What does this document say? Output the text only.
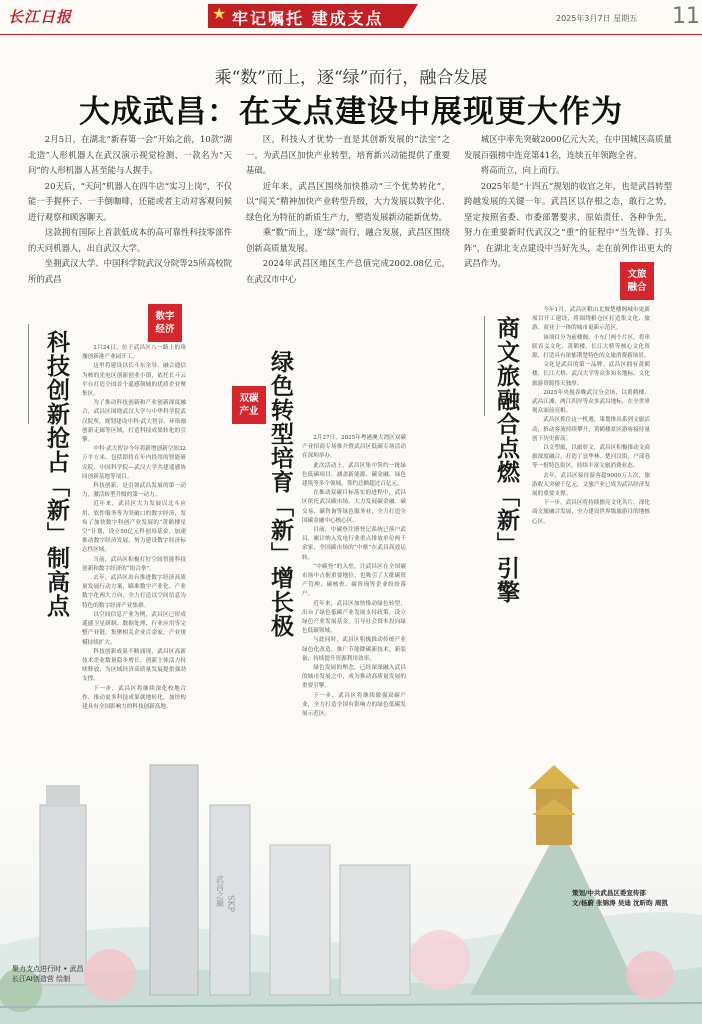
长江日报	★ 牢记嘱托 建成支点	2025年3月7日 星期五 11
乘“数”而上，逐“绿”而行，融合发展
大成武昌：在支点建设中展现更大作为

2月5日，在湖北“新春第一会”开始之前，10款“湖北造”人形机器人在武汉演示视觉检测、一款名为“天问”的人形机器人甚至能与人握手。

20天后，“天问”机器人在四牛店“实习上岗”，不仅能一手握杯子、一手倒咖啡，还能或者主动对客观问候进行观察和顾客聊天。

这款拥有国际上首款低成本的高可靠性科技零部件的天问机器人，出自武汉大学。

坐拥武汉大学、中国科学院武汉分院等25所高校院所的武昌

区，科技人才优势一直是其创新发展的“法宝”之一。为武昌区加快产业转型，培育新兴动能提供了重要基础。

近年来，武昌区围绕加快推动“三个优势转化”，以“闯关”精神加快产业转型升级，大力发展以数字化、绿色化为特征的新质生产力，塑造发展新动能新优势。

乘“数”而上，逐“绿”而行，融合发展，武昌区围绕创新高质量发展。

2024年武昌区地区生产总值完成2002.08亿元，在武汉市中心

城区中率先突破2000亿元大关，在中国城区高质量发展百强榜中连竞第41名，连续五年领跑全省。

将高而立，向上而行。

2025年是“十四五”规划的收官之年，也是武昌转型跨越发展的关键一年。武昌区以存根之态，敢行之势，坚定按照省委、市委部署要求，原始责任、各种争先，努力在重要新时代武汉之“重”的征程中“当先锋、打头阵”，在湖北支点建设中当好先头，走在前列作出更大的武昌作为。

武昌之巅 SKP
数字
经济
科技创新抢占「新」制高点	2月24日，位于武昌区八一路上的珞珈创新港产业园开工。

这里将建设以长斗东全导、融合通信为核的光电区创新创业小镇，依托长斗云平台打造全国首个遥感领域的优质企业聚集区。

为了推动科技创新和产业创新深度融合，武昌区围绕武汉大学与中华科学院武汉院所，规划建设中科·武大智谷、环珞珈创新走廊等区域，打造科技成果转化的引擎。

中科·武大智谷今年将新增创新空间32万平方米。包括即将在年内投用的智能研究院、中国科学院—武汉大学共建遥感协同创新基地等项目。

科技创新，是引领武昌发展的第一动力，激活转型升级的第一动力。

近年来，武昌区大力发展以北斗应用、软件服务等为突破口的数字经济，发布了加快数字科创产业发展的“黄鹤楼星空”计划，设立50亿元科创母基金，加速推动数字经济发展。努力建设数字经济标志性区域。

当前，武昌区积极打好空间智能科技创新和数字经济的“组合拳”。

去年，武昌区出台推进数字经济高质量发展行动方案，瞄准数字产业化、产业数字化两大方向，全力打造以空间信息为特色的数字经济产业集群。

以空间信息产业为例，武昌区已形成遥感卫星研制、数据处理、行业应用等完整产业链，集聚相关企业百余家，产业规模持续扩大。

科技创新成果不断涌现，武昌区高新技术企业数量稳步增长，创新主体活力持续释放，为区域经济高质量发展提供强劲支撑。

下一步，武昌区将继续深化校地合作，推动更多科技成果就地转化，加快构建具有全国影响力的科技创新高地。

双碳
产业 绿色转型培育「新」增长极	2月27日，2025年粤港澳大湾区双碳产业招商专场推介暨武昌区低碳专场活动在深圳举办。

此次活动上，武昌区集中签约一批绿色低碳项目，涵盖新能源、碳金融、绿色建筑等多个领域，签约总额超过百亿元。

在推动双碳目标落实的进程中，武昌区依托武汉碳市场，大力发展碳金融、碳交易、碳咨询等绿色服务业，全力打造全国碳金融中心核心区。

目前，中碳登注册登记系统已落户武昌，累计纳入发电行业重点排放单位两千余家，全国碳市场的“中枢”在武昌高效运转。

“中碳登”的入驻，让武昌区在全国碳市场中占据重要地位，也吸引了大批碳资产管理、碳核查、碳咨询等企业纷纷落户。

近年来，武昌区加快推动绿色转型，出台了绿色低碳产业发展支持政策，设立绿色产业发展基金，引导社会资本投向绿色低碳领域。

与此同时，武昌区积极推动传统产业绿色化改造，推广节能降碳新技术、新装备，持续提升资源利用效率。

绿色发展的理念，已经深深融入武昌的城市发展之中，成为推动高质量发展的重要引擎。

下一步，武昌区将继续做强双碳产业，全力打造全国有影响力的绿色低碳发展示范区。

文旅
融合
商文旅融合点燃「新」引擎

今年1月，武昌区粮山北坡楚楼阁城市更新项目开工建设，将围绕粮仓区打造集文化、旅游、商业于一体的城市更新示范区。

该项目分为前楼阁、小东门两个片区，将串联首义文化、黄鹤楼、长江大桥等核心文化资源，打造具有浓郁荆楚特色的文旅消费新场景。

文化是武昌的第一品牌。武昌区拥有黄鹤楼、长江大桥、武汉大学等众多知名地标，文化旅游资源得天独厚。

2025年央视春晚武汉分会场，以黄鹤楼、武昌江滩、两江四岸等众多武昌地标，在全世界观众面前亮相。

武昌区抓住这一机遇，策划推出系列文旅活动，推动客流持续攀升，黄鹤楼景区游客接待量创下历史新高。

以文塑旅，以旅彰文，武昌区积极推动文商旅深度融合，打造了昙华林、楚河汉街、户部巷等一批特色街区，持续丰富文旅消费业态。

去年，武昌区接待游客超9000万人次，旅游收入突破千亿元，文旅产业已成为武昌经济发展的重要支撑。

下一步，武昌区将持续擦亮文化名片，深化商文旅融合发展，全力建设世界级旅游目的地核心区。

聚力支点进行时 • 武昌
长江AI创造营 绘制
策划/中共武昌区委宣传部
文/杨蔚 张锦涛 吴迪 沈昕昀 周凯
